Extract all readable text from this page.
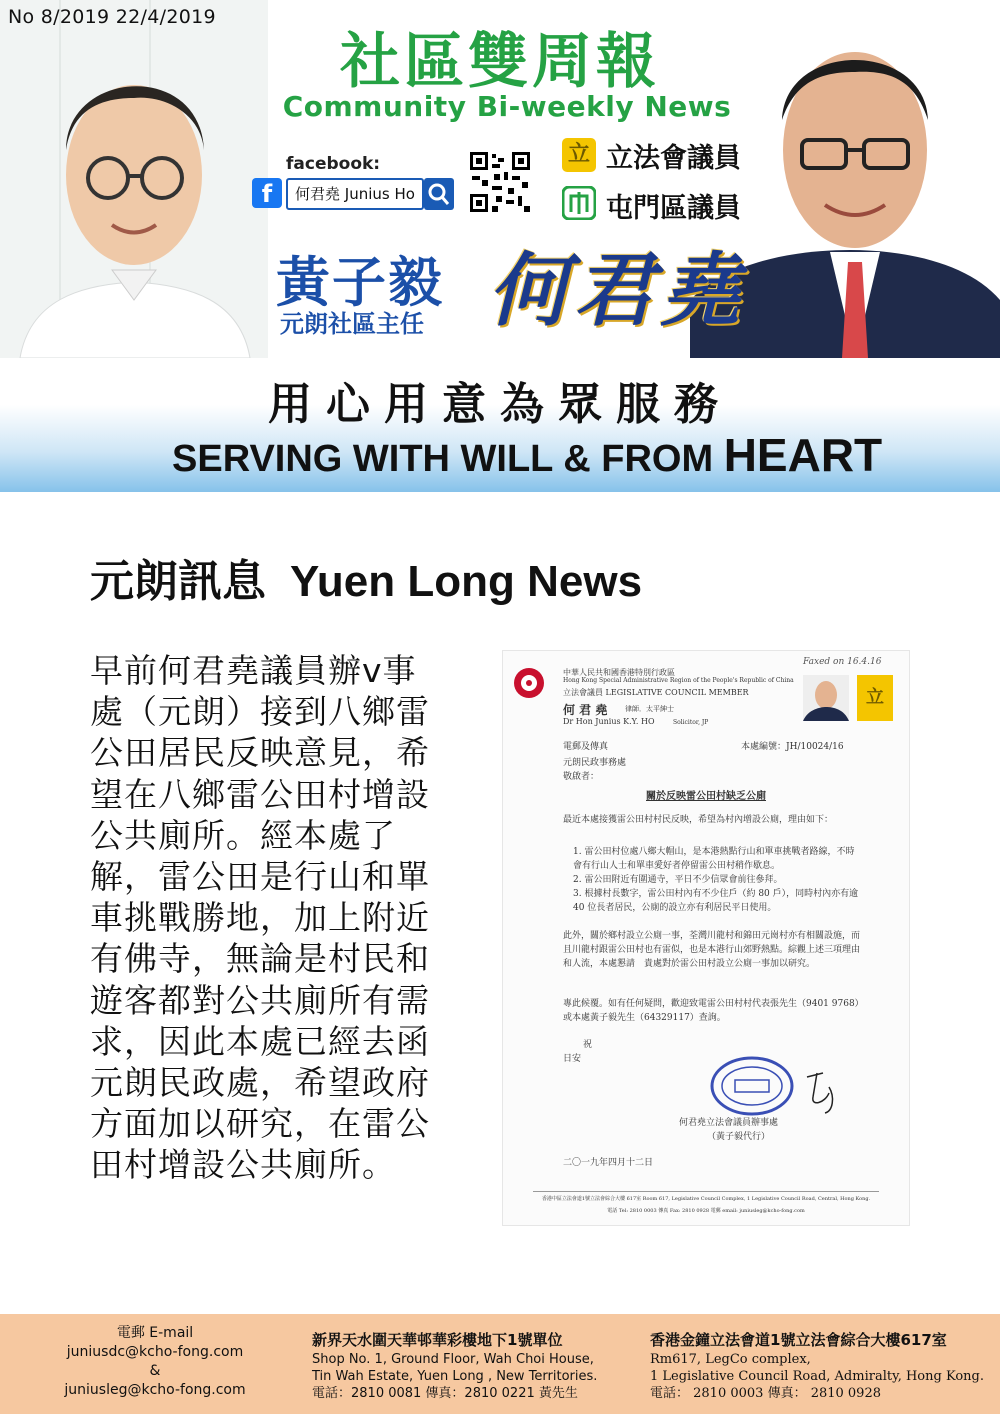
No 8/2019 22/4/2019
社區雙周報
Community Bi-weekly News
facebook:
f	何君堯 Junius Ho
立 立法會議員
屯門區議員
黃子毅
元朗社區主任 何君堯
用心用意為眾服務
SERVING WITH WILL & FROM HEART
元朗訊息 Yuen Long News
早前何君堯議員辦v事處（元朗）接到八鄉雷公田居民反映意見，希望在八鄉雷公田村增設公共廁所。經本處了解，雷公田是行山和單車挑戰勝地，加上附近有佛寺，無論是村民和遊客都對公共廁所有需求，因此本處已經去函元朗民政處，希望政府方面加以研究，在雷公田村增設公共廁所。
中華人民共和國香港特別行政區
Hong Kong Special Administrative Region of the People's Republic of China
立法會議員 LEGISLATIVE COUNCIL MEMBER
何 君 堯	律師．太平紳士
Dr Hon Junius K.Y. HO	Solicitor, JP
Faxed on 16.4.16
立
電郵及傳真	本處編號：JH/10024/16
元朗民政事務處
敬啟者：
關於反映雷公田村缺乏公廁
最近本處接獲雷公田村村民反映，希望為村內增設公廁，理由如下：
1. 雷公田村位處八鄉大帽山，是本港熱點行山和單車挑戰者路線，不時會有行山人士和單車愛好者停留雷公田村稍作歇息。
2. 雷公田附近有圍通寺，平日不少信眾會前往參拜。
3. 根據村長數字，雷公田村內有不少住戶（約 80 戶），同時村內亦有逾 40 位長者居民，公廁的設立亦有利居民平日使用。
此外，關於鄉村設立公廁一事，荃灣川龍村和錦田元崗村亦有相關設施，而且川龍村跟雷公田村也有雷似，也是本港行山郊野熱點。綜觀上述三項理由和人流，本處懇請　貴處對於雷公田村設立公廁一事加以研究。
專此候覆。如有任何疑問，歡迎致電雷公田村村代表張先生（9401 9768）或本處黃子毅先生（64329117）查詢。
祝
日安
何君堯立法會議員辦事處
（黃子毅代行）
二〇一九年四月十二日
香港中區立法會道1號立法會綜合大樓 617室 Room 617, Legislative Council Complex, 1 Legislative Council Road, Central, Hong Kong.
電話 Tel: 2810 0003 傳真 Fax: 2810 0928 電郵 email: juniusleg@kcho-fong.com
電郵 E-mail
juniusdc@kcho-fong.com
&
juniusleg@kcho-fong.com
新界天水圍天華邨華彩樓地下1號單位
Shop No. 1, Ground Floor, Wah Choi House,
Tin Wah Estate, Yuen Long , New Territories.
電話：2810 0081 傳真：2810 0221 黃先生
香港金鐘立法會道1號立法會綜合大樓617室
Rm617, LegCo complex,
1 Legislative Council Road, Admiralty, Hong Kong.
電話： 2810 0003 傳真： 2810 0928
